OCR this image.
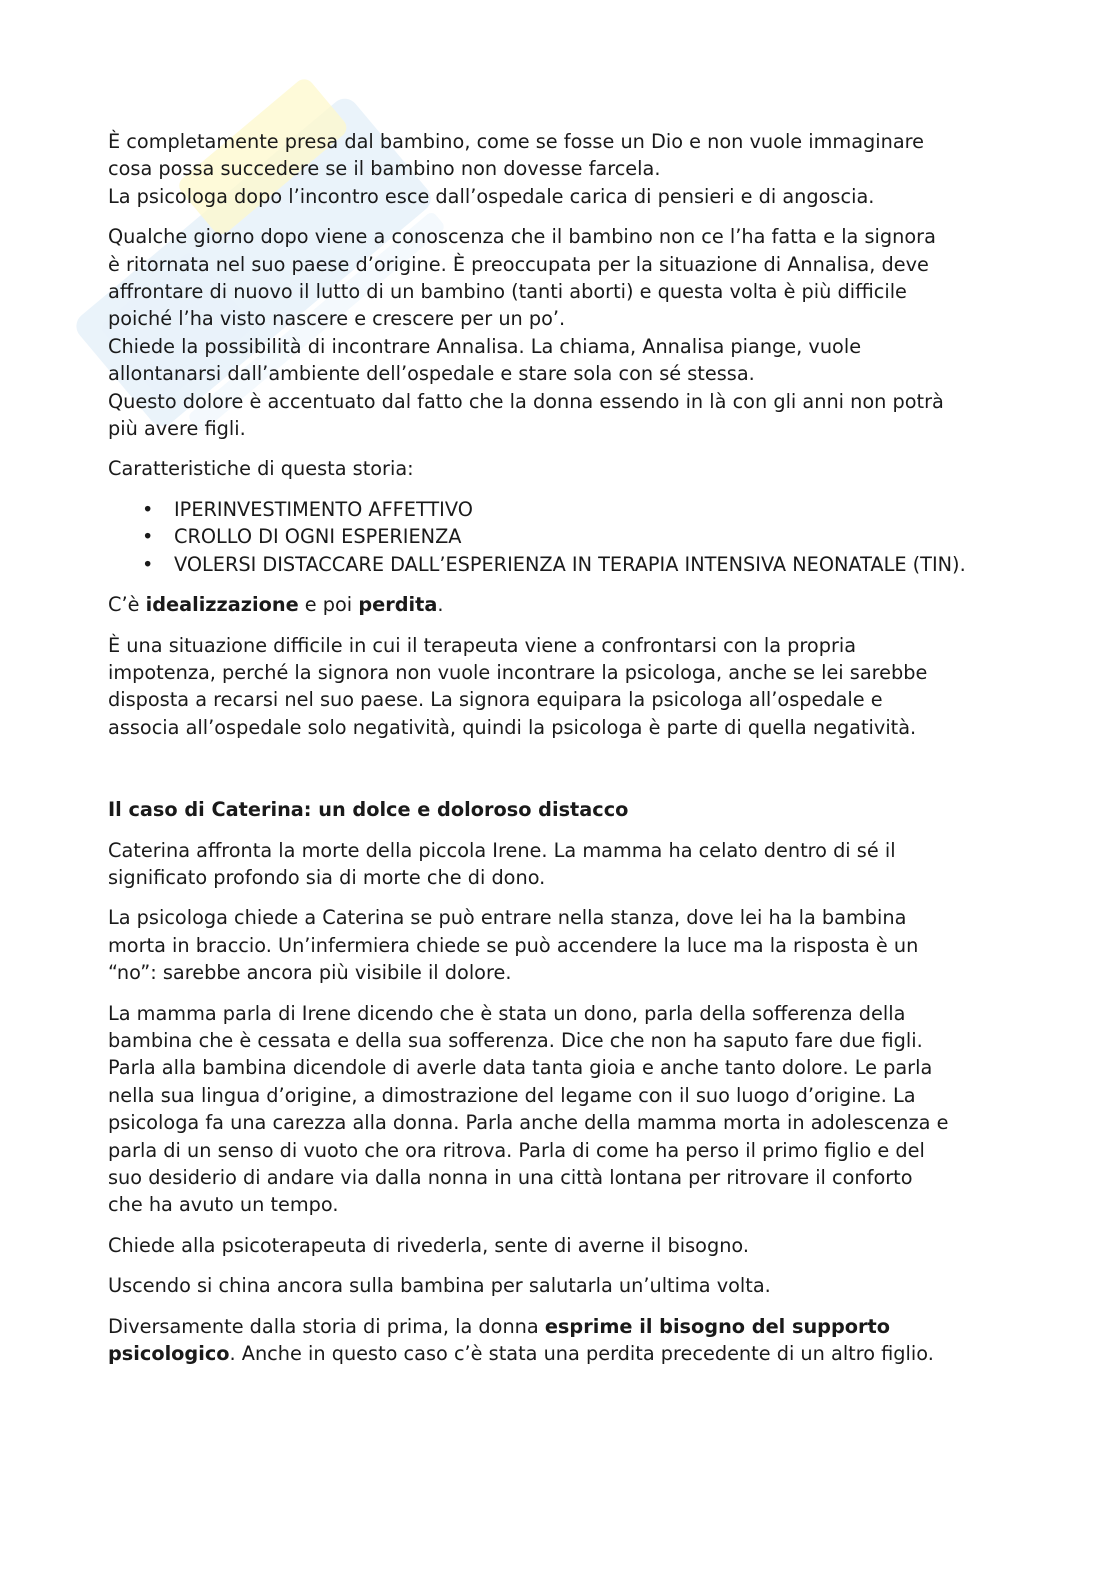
È completamente presa dal bambino, come se fosse un Dio e non vuole immaginare
cosa possa succedere se il bambino non dovesse farcela.
La psicologa dopo l’incontro esce dall’ospedale carica di pensieri e di angoscia.

Qualche giorno dopo viene a conoscenza che il bambino non ce l’ha fatta e la signora
è ritornata nel suo paese d’origine. È preoccupata per la situazione di Annalisa, deve
affrontare di nuovo il lutto di un bambino (tanti aborti) e questa volta è più difficile
poiché l’ha visto nascere e crescere per un po’.
Chiede la possibilità di incontrare Annalisa. La chiama, Annalisa piange, vuole
allontanarsi dall’ambiente dell’ospedale e stare sola con sé stessa.
Questo dolore è accentuato dal fatto che la donna essendo in là con gli anni non potrà
più avere figli.

Caratteristiche di questa storia:

• IPERINVESTIMENTO AFFETTIVO
• CROLLO DI OGNI ESPERIENZA
• VOLERSI DISTACCARE DALL’ESPERIENZA IN TERAPIA INTENSIVA NEONATALE (TIN).

C’è idealizzazione e poi perdita.

È una situazione difficile in cui il terapeuta viene a confrontarsi con la propria
impotenza, perché la signora non vuole incontrare la psicologa, anche se lei sarebbe
disposta a recarsi nel suo paese. La signora equipara la psicologa all’ospedale e
associa all’ospedale solo negatività, quindi la psicologa è parte di quella negatività.

Il caso di Caterina: un dolce e doloroso distacco

Caterina affronta la morte della piccola Irene. La mamma ha celato dentro di sé il
significato profondo sia di morte che di dono.

La psicologa chiede a Caterina se può entrare nella stanza, dove lei ha la bambina
morta in braccio. Un’infermiera chiede se può accendere la luce ma la risposta è un
“no”: sarebbe ancora più visibile il dolore.

La mamma parla di Irene dicendo che è stata un dono, parla della sofferenza della
bambina che è cessata e della sua sofferenza. Dice che non ha saputo fare due figli.
Parla alla bambina dicendole di averle data tanta gioia e anche tanto dolore. Le parla
nella sua lingua d’origine, a dimostrazione del legame con il suo luogo d’origine. La
psicologa fa una carezza alla donna. Parla anche della mamma morta in adolescenza e
parla di un senso di vuoto che ora ritrova. Parla di come ha perso il primo figlio e del
suo desiderio di andare via dalla nonna in una città lontana per ritrovare il conforto
che ha avuto un tempo.

Chiede alla psicoterapeuta di rivederla, sente di averne il bisogno.

Uscendo si china ancora sulla bambina per salutarla un’ultima volta.

Diversamente dalla storia di prima, la donna esprime il bisogno del supporto
psicologico. Anche in questo caso c’è stata una perdita precedente di un altro figlio.
